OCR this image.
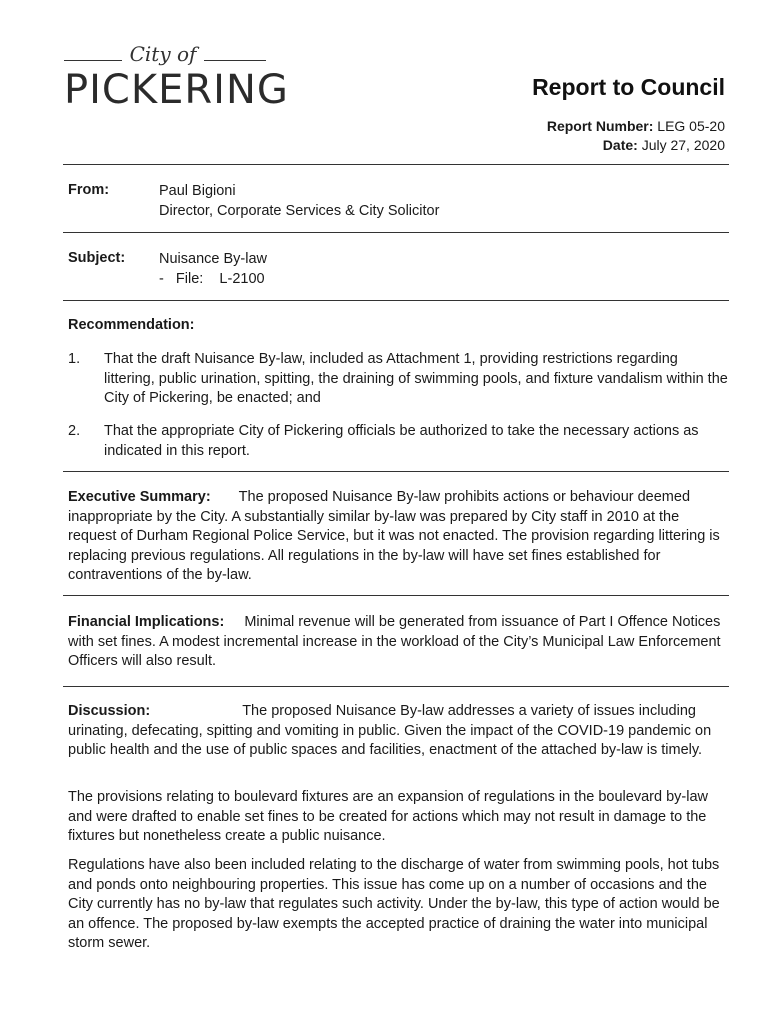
City of
PICKERING	Report to Council
Report Number: LEG 05-20
Date: July 27, 2020
From:	Paul Bigioni
Director, Corporate Services & City Solicitor
Subject: Nuisance By-law
-   File:    L-2100
Recommendation:
1. That the draft Nuisance By-law, included as Attachment 1, providing restrictions regarding littering, public urination, spitting, the draining of swimming pools, and fixture vandalism within the City of Pickering, be enacted; and
2. That the appropriate City of Pickering officials be authorized to take the necessary actions as indicated in this report.
Executive Summary: The proposed Nuisance By-law prohibits actions or behaviour deemed inappropriate by the City. A substantially similar by-law was prepared by City staff in 2010 at the request of Durham Regional Police Service, but it was not enacted. The provision regarding littering is replacing previous regulations. All regulations in the by-law will have set fines established for contraventions of the by-law.
Financial Implications: Minimal revenue will be generated from issuance of Part I Offence Notices with set fines. A modest incremental increase in the workload of the City’s Municipal Law Enforcement Officers will also result.
Discussion:	The proposed Nuisance By-law addresses a variety of issues including urinating, defecating, spitting and vomiting in public. Given the impact of the COVID-19 pandemic on public health and the use of public spaces and facilities, enactment of the attached by-law is timely.
The provisions relating to boulevard fixtures are an expansion of regulations in the boulevard by-law and were drafted to enable set fines to be created for actions which may not result in damage to the fixtures but nonetheless create a public nuisance.
Regulations have also been included relating to the discharge of water from swimming pools, hot tubs and ponds onto neighbouring properties. This issue has come up on a number of occasions and the City currently has no by-law that regulates such activity. Under the by-law, this type of action would be an offence. The proposed by-law exempts the accepted practice of draining the water into municipal storm sewer.
